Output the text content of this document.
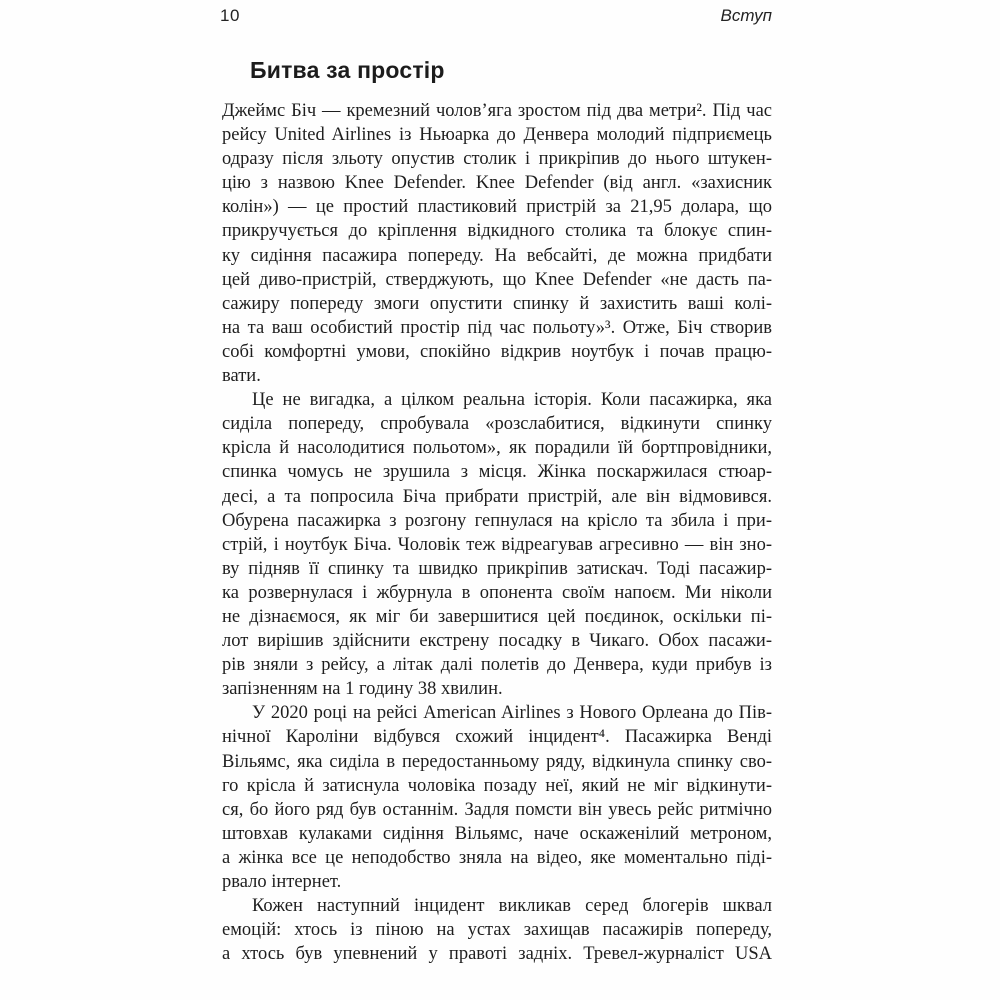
10	Вступ
Битва за простір
Джеймс Біч — кремезний чолов’яга зростом під два метри². Під час
рейсу United Airlines із Ньюарка до Денвера молодий підприємець
одразу після зльоту опустив столик і прикріпив до нього штукен-
цію з назвою Knee Defender. Knee Defender (від англ. «захисник
колін») — це простий пластиковий пристрій за 21,95 долара, що
прикручується до кріплення відкидного столика та блокує спин-
ку сидіння пасажира попереду. На вебсайті, де можна придбати
цей диво-пристрій, стверджують, що Knee Defender «не дасть па-
сажиру попереду змоги опустити спинку й захистить ваші колі-
на та ваш особистий простір під час польоту»³. Отже, Біч створив
собі комфортні умови, спокійно відкрив ноутбук і почав працю-
вати.
Це не вигадка, а цілком реальна історія. Коли пасажирка, яка
сиділа попереду, спробувала «розслабитися, відкинути спинку
крісла й насолодитися польотом», як порадили їй бортпровідники,
спинка чомусь не зрушила з місця. Жінка поскаржилася стюар-
десі, а та попросила Біча прибрати пристрій, але він відмовився.
Обурена пасажирка з розгону гепнулася на крісло та збила і при-
стрій, і ноутбук Біча. Чоловік теж відреагував агресивно — він зно-
ву підняв її спинку та швидко прикріпив затискач. Тоді пасажир-
ка розвернулася і жбурнула в опонента своїм напоєм. Ми ніколи
не дізнаємося, як міг би завершитися цей поєдинок, оскільки пі-
лот вирішив здійснити екстрену посадку в Чикаго. Обох пасажи-
рів зняли з рейсу, а літак далі полетів до Денвера, куди прибув із
запізненням на 1 годину 38 хвилин.
У 2020 році на рейсі American Airlines з Нового Орлеана до Пів-
нічної Кароліни відбувся схожий інцидент⁴. Пасажирка Венді
Вільямс, яка сиділа в передостанньому ряду, відкинула спинку сво-
го крісла й затиснула чоловіка позаду неї, який не міг відкинути-
ся, бо його ряд був останнім. Задля помсти він увесь рейс ритмічно
штовхав кулаками сидіння Вільямс, наче оскаженілий метроном,
а жінка все це неподобство зняла на відео, яке моментально піді-
рвало інтернет.
Кожен наступний інцидент викликав серед блогерів шквал
емоцій: хтось із піною на устах захищав пасажирів попереду,
а хтось був упевнений у правоті задніх. Тревел-журналіст USA
